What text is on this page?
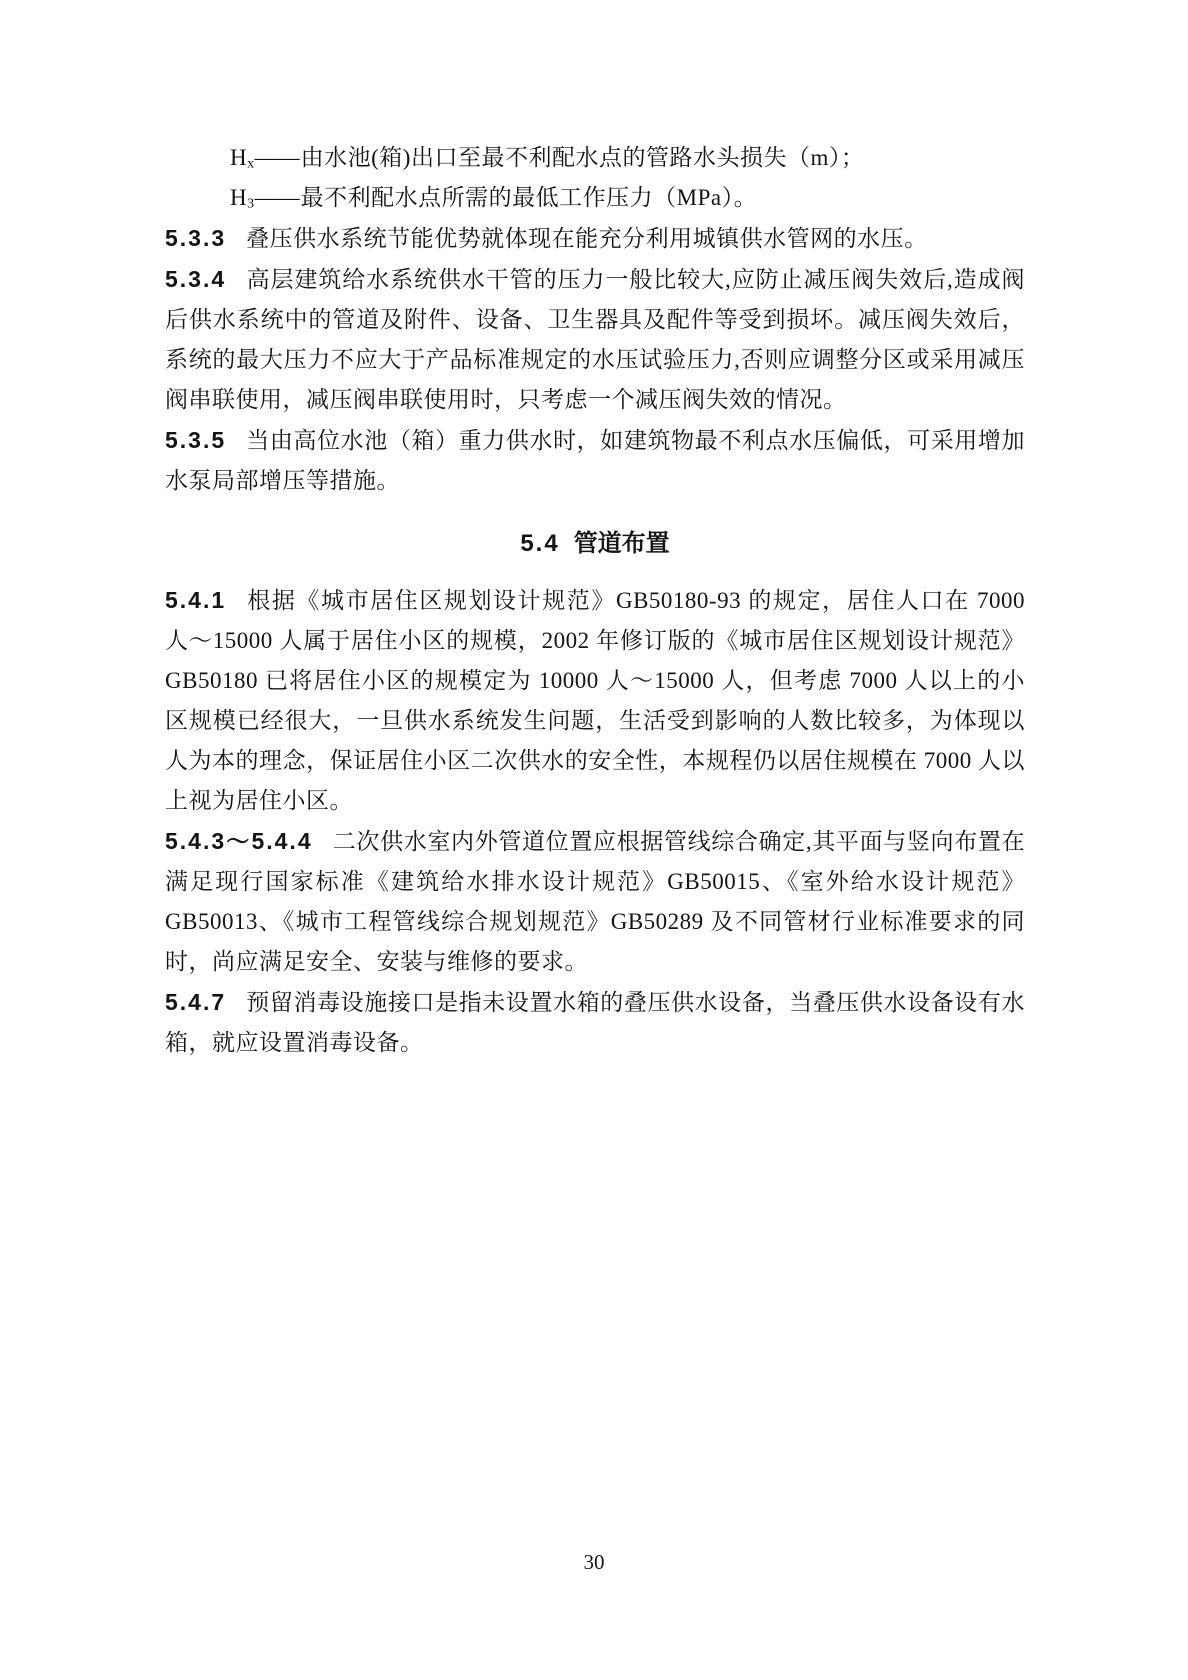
$H_x——$由水池(箱)出口至最不利配水点的管路水头损失（m）；

$H_3——$最不利配水点所需的最低工作压力（MPa）。

5.3.3 叠压供水系统节能优势就体现在能充分利用城镇供水管网的水压。

5.3.4 高层建筑给水系统供水干管的压力一般比较大,应防止减压阀失效后,造成阀后供水系统中的管道及附件、设备、卫生器具及配件等受到损坏。减压阀失效后，系统的最大压力不应大于产品标准规定的水压试验压力,否则应调整分区或采用减压阀串联使用，减压阀串联使用时，只考虑一个减压阀失效的情况。

5.3.5 当由高位水池（箱）重力供水时，如建筑物最不利点水压偏低，可采用增加水泵局部增压等措施。

5.4 管道布置

5.4.1 根据《城市居住区规划设计规范》GB50180-93 的规定，居住人口在 7000 人～15000 人属于居住小区的规模，2002 年修订版的《城市居住区规划设计规范》GB50180 已将居住小区的规模定为 10000 人～15000 人，但考虑 7000 人以上的小区规模已经很大，一旦供水系统发生问题，生活受到影响的人数比较多，为体现以人为本的理念，保证居住小区二次供水的安全性，本规程仍以居住规模在 7000 人以上视为居住小区。

5.4.3～5.4.4 二次供水室内外管道位置应根据管线综合确定,其平面与竖向布置在满足现行国家标准《建筑给水排水设计规范》GB50015、《室外给水设计规范》GB50013、《城市工程管线综合规划规范》GB50289 及不同管材行业标准要求的同时，尚应满足安全、安装与维修的要求。

5.4.7 预留消毒设施接口是指未设置水箱的叠压供水设备，当叠压供水设备设有水箱，就应设置消毒设备。

30
